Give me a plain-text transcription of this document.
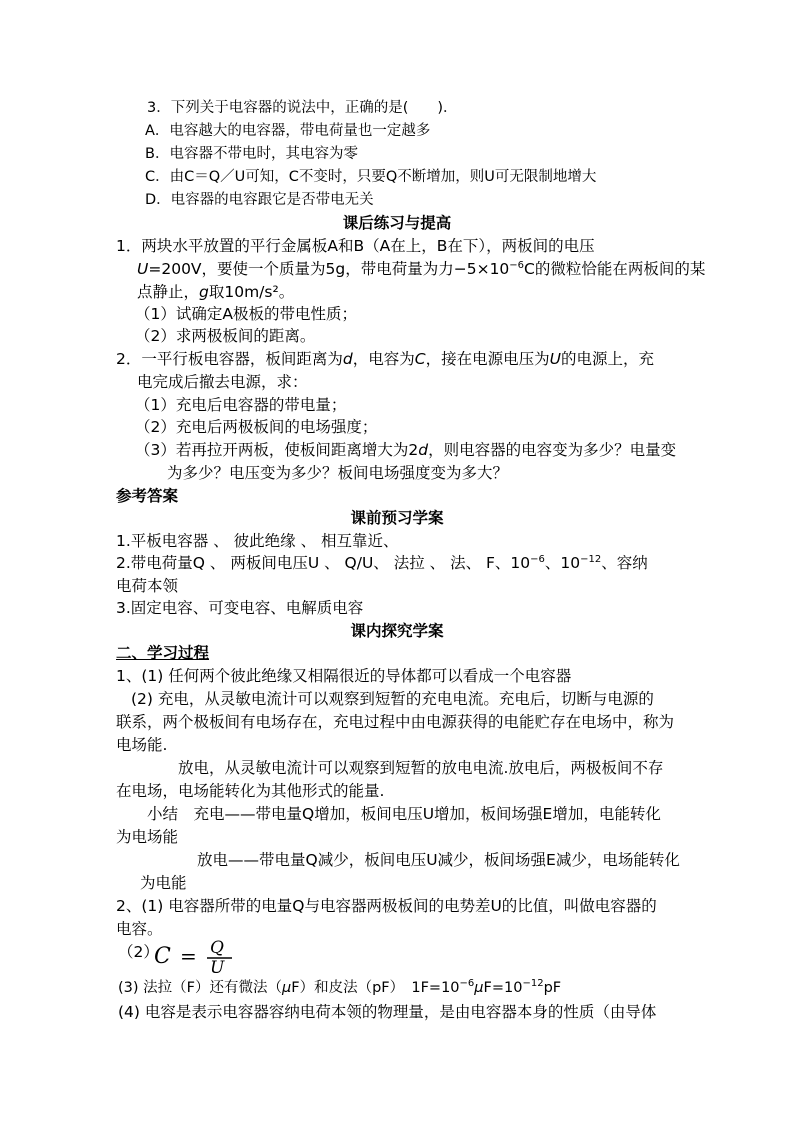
3．下列关于电容器的说法中，正确的是(　　)．
A．电容越大的电容器，带电荷量也一定越多
B．电容器不带电时，其电容为零
C．由C＝Q／U可知，C不变时，只要Q不断增加，则U可无限制地增大
D．电容器的电容跟它是否带电无关
课后练习与提高
1．两块水平放置的平行金属板A和B（A在上，B在下），两板间的电压
U=200V，要使一个质量为5g，带电荷量为力$-5\times 10^{-6}C$的微粒恰能在两板间的某
点静止，g取10m/s²。
（1）试确定A极板的带电性质；
（2）求两极板间的距离。
2．一平行板电容器，板间距离为d，电容为C，接在电源电压为U的电源上，充
电完成后撤去电源，求：
（1）充电后电容器的带电量；
（2）充电后两极板间的电场强度；
（3）若再拉开两板，使板间距离增大为2d，则电容器的电容变为多少？电量变
为多少？电压变为多少？板间电场强度变为多大？
参考答案
课前预习学案
1.平板电容器 、 彼此绝缘 、 相互靠近、
2.带电荷量Q 、 两板间电压U 、 Q/U、 法拉 、 法、 F、$10^{-6}$、$10^{-12}$、容纳
电荷本领
3.固定电容、可变电容、电解质电容
课内探究学案
二、学习过程
1、(1) 任何两个彼此绝缘又相隔很近的导体都可以看成一个电容器
(2) 充电，从灵敏电流计可以观察到短暂的充电电流。充电后，切断与电源的
联系，两个极板间有电场存在，充电过程中由电源获得的电能贮存在电场中，称为
电场能.
放电，从灵敏电流计可以观察到短暂的放电电流.放电后，两极板间不存
在电场，电场能转化为其他形式的能量.
小结　充电——带电量Q增加，板间电压U增加，板间场强E增加，电能转化
为电场能
放电——带电量Q减少，板间电压U减少，板间场强E减少，电场能转化
为电能
2、(1) 电容器所带的电量Q与电容器两极板间的电势差U的比值，叫做电容器的
电容。
（2）
C = Q
U
(3) 法拉（F）还有微法（μF）和皮法（pF）　$1F=10^{-6}\mu F=10^{-12}pF$
(4) 电容是表示电容器容纳电荷本领的物理量，是由电容器本身的性质（由导体
